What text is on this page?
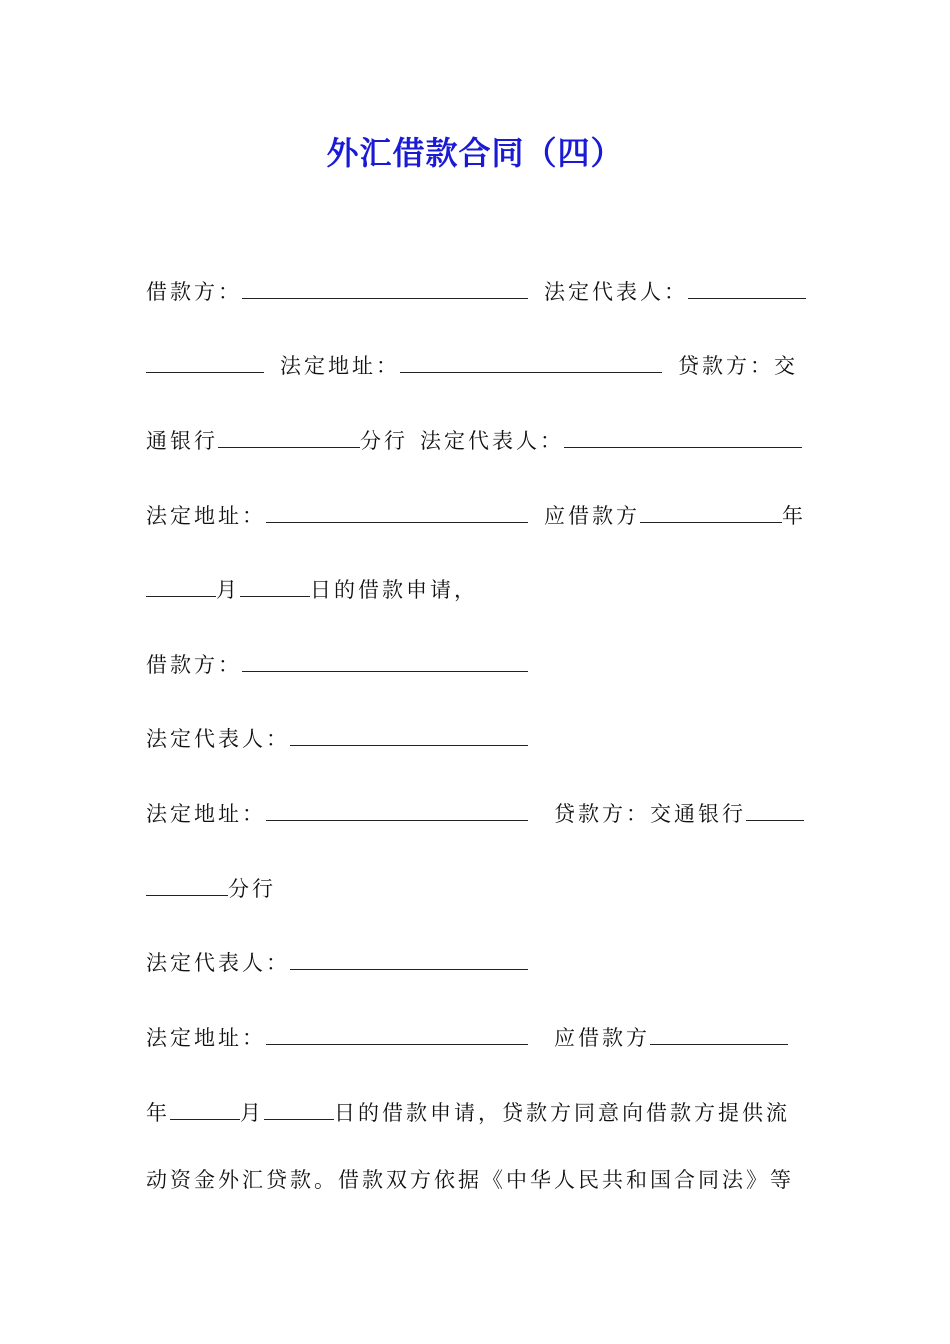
外汇借款合同（四）
借款方：	法定代表人：
法定地址：	贷款方：交
通银行	分行 法定代表人：
法定地址：	应借款方	年
月	日的借款申请，
借款方：
法定代表人：
法定地址：	贷款方：交通银行
分行
法定代表人：
法定地址：	应借款方
年	月	日的借款申请，贷款方同意向借款方提供流
动资金外汇贷款。借款双方依据《中华人民共和国合同法》等
